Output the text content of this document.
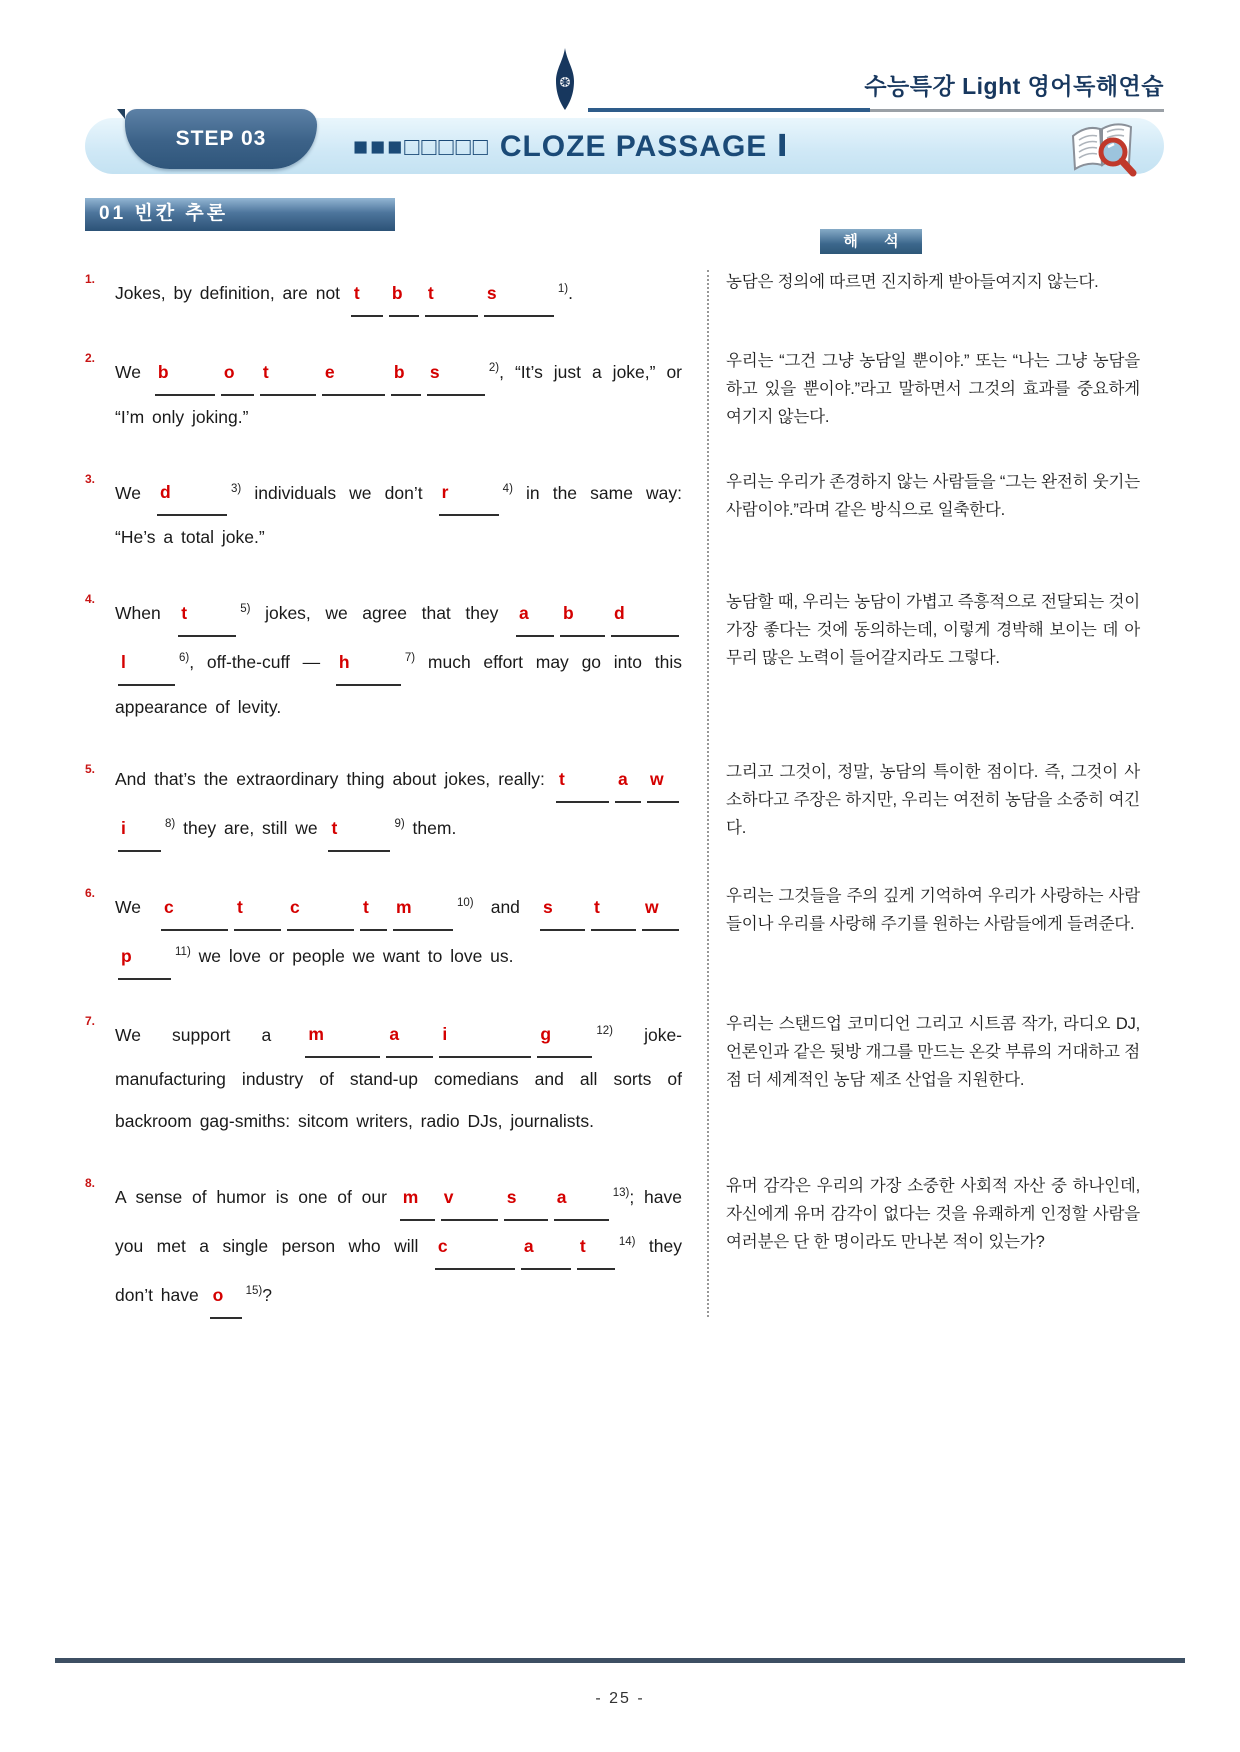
수능특강 Light 영어독해연습
STEP 03	■■■□□□□□ CLOZE PASSAGE Ⅰ
01 빈칸 추론
해 석
1.

Jokes, by definition, are not t b t	s	$^{1)}$.

농담은 정의에 따르면 진지하게 받아들여지지 않는다.

2.

We b	o t	e	b s	$^{2)}$, “It’s just a joke,” or “I’m only joking.”

우리는 “그건 그냥 농담일 뿐이야.” 또는 “나는 그냥 농담을 하고 있을 뿐이야.”라고 말하면서 그것의 효과를 중요하게 여기지 않는다.

3.

We d	$^{3)}$ individuals we don’t r	$^{4)}$ in the same way: “He’s a total joke.”

우리는 우리가 존경하지 않는 사람들을 “그는 완전히 웃기는 사람이야.”라며 같은 방식으로 일축한다.

4.

When t	$^{5)}$ jokes, we agree that they a b dl	$^{6)}$, off-the-cuff — h	$^{7)}$ much effort may go into this appearance of levity.

농담할 때, 우리는 농담이 가볍고 즉흥적으로 전달되는 것이 가장 좋다는 것에 동의하는데, 이렇게 경박해 보이는 데 아무리 많은 노력이 들어갈지라도 그렇다.

5.	And that’s the extraordinary thing about jokes, really: t	a wi	$^{8)}$ they are, still we t	$^{9)}$ them.

그리고 그것이, 정말, 농담의 특이한 점이다. 즉, 그것이 사소하다고 주장은 하지만, 우리는 여전히 농담을 소중히 여긴다.

6.

We c	t	c	t m	$^{10)}$ and s t	wp	$^{11)}$ we love or people we want to love us.

우리는 그것들을 주의 깊게 기억하여 우리가 사랑하는 사람들이나 우리를 사랑해 주기를 원하는 사람들에게 들려준다.

7.

We support a m	a i	g	$^{12)}$ joke-manufacturing industry of stand-up comedians and all sorts of backroom gag-smiths: sitcom writers, radio DJs, journalists.

우리는 스탠드업 코미디언 그리고 시트콤 작가, 라디오 DJ, 언론인과 같은 뒷방 개그를 만드는 온갖 부류의 거대하고 점점 더 세계적인 농담 제조 산업을 지원한다.

8.

A sense of humor is one of our m v	s a	$^{13)}$; have you met a single person who will c	a	t	$^{14)}$ they don’t have o $^{15)}$?

유머 감각은 우리의 가장 소중한 사회적 자산 중 하나인데, 자신에게 유머 감각이 없다는 것을 유쾌하게 인정할 사람을 여러분은 단 한 명이라도 만나본 적이 있는가?

- 25 -
